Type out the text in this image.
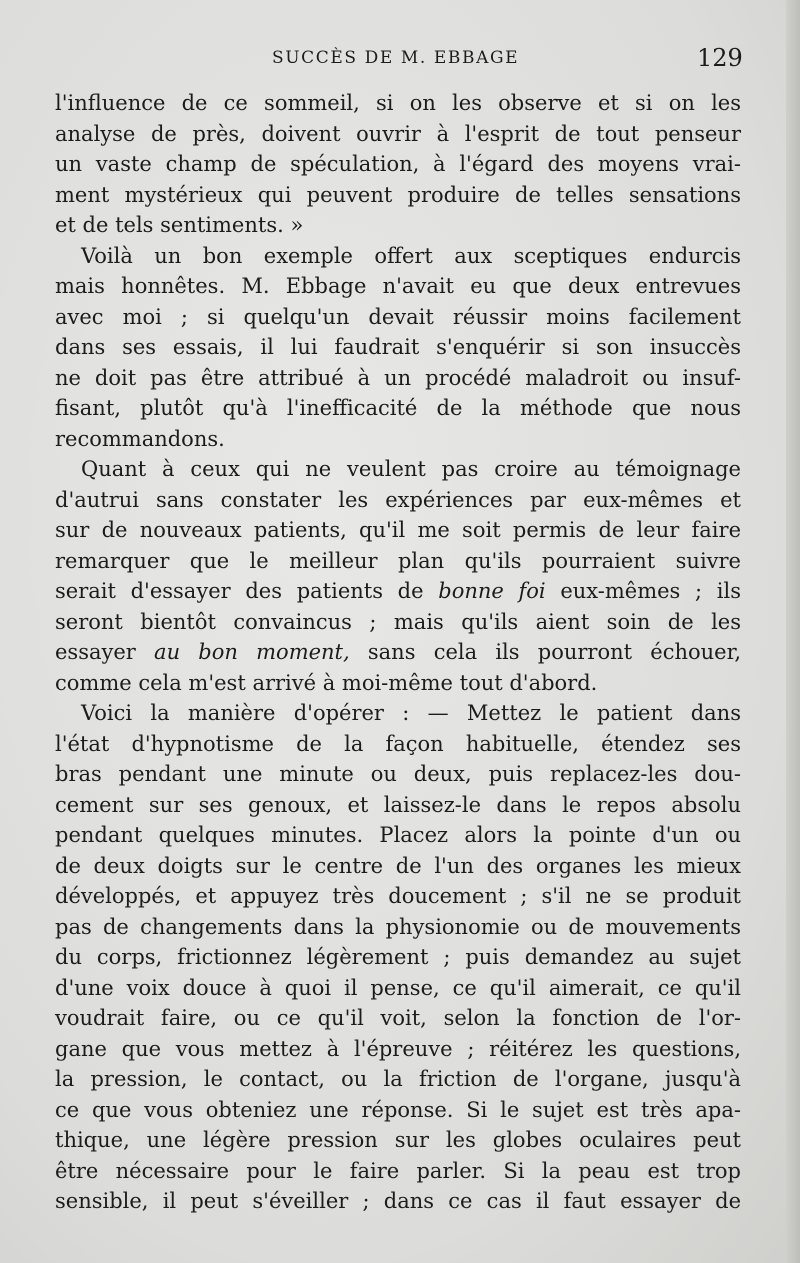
SUCCÈS DE M. EBBAGE	129
l'influence de ce sommeil, si on les observe et si on les
analyse de près, doivent ouvrir à l'esprit de tout penseur
un vaste champ de spéculation, à l'égard des moyens vrai-
ment mystérieux qui peuvent produire de telles sensations
et de tels sentiments. »
Voilà un bon exemple offert aux sceptiques endurcis
mais honnêtes. M. Ebbage n'avait eu que deux entrevues
avec moi ; si quelqu'un devait réussir moins facilement
dans ses essais, il lui faudrait s'enquérir si son insuccès
ne doit pas être attribué à un procédé maladroit ou insuf-
fisant, plutôt qu'à l'inefficacité de la méthode que nous
recommandons.
Quant à ceux qui ne veulent pas croire au témoignage
d'autrui sans constater les expériences par eux-mêmes et
sur de nouveaux patients, qu'il me soit permis de leur faire
remarquer que le meilleur plan qu'ils pourraient suivre
serait d'essayer des patients de bonne foi eux-mêmes ; ils
seront bientôt convaincus ; mais qu'ils aient soin de les
essayer au bon moment, sans cela ils pourront échouer,
comme cela m'est arrivé à moi-même tout d'abord.
Voici la manière d'opérer : — Mettez le patient dans
l'état d'hypnotisme de la façon habituelle, étendez ses
bras pendant une minute ou deux, puis replacez-les dou-
cement sur ses genoux, et laissez-le dans le repos absolu
pendant quelques minutes. Placez alors la pointe d'un ou
de deux doigts sur le centre de l'un des organes les mieux
développés, et appuyez très doucement ; s'il ne se produit
pas de changements dans la physionomie ou de mouvements
du corps, frictionnez légèrement ; puis demandez au sujet
d'une voix douce à quoi il pense, ce qu'il aimerait, ce qu'il
voudrait faire, ou ce qu'il voit, selon la fonction de l'or-
gane que vous mettez à l'épreuve ; réitérez les questions,
la pression, le contact, ou la friction de l'organe, jusqu'à
ce que vous obteniez une réponse. Si le sujet est très apa-
thique, une légère pression sur les globes oculaires peut
être nécessaire pour le faire parler. Si la peau est trop
sensible, il peut s'éveiller ; dans ce cas il faut essayer de
